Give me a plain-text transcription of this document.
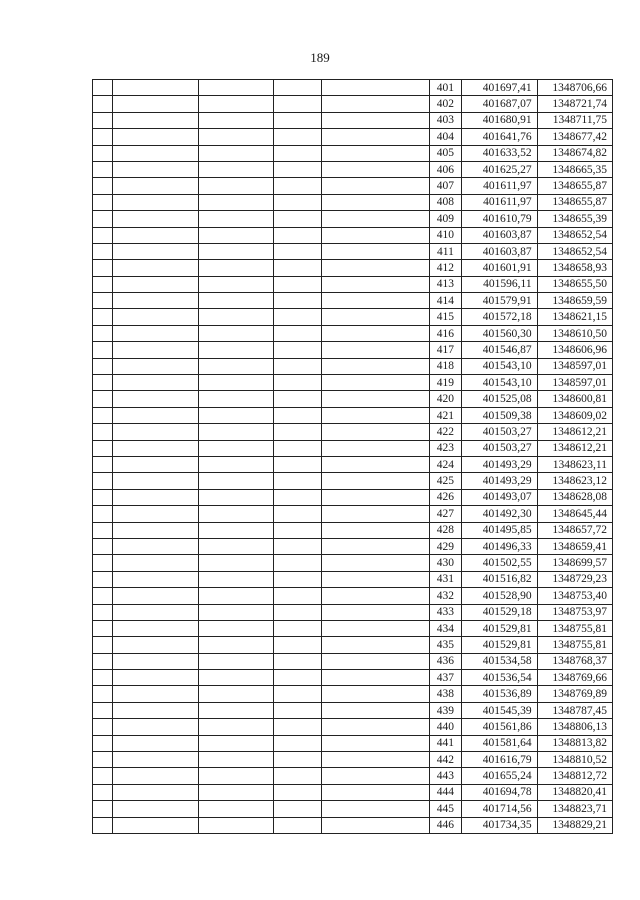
189
					401	401697,41	1348706,66
					402	401687,07	1348721,74
					403	401680,91	1348711,75
					404	401641,76	1348677,42
					405	401633,52	1348674,82
					406	401625,27	1348665,35
					407	401611,97	1348655,87
					408	401611,97	1348655,87
					409	401610,79	1348655,39
					410	401603,87	1348652,54
					411	401603,87	1348652,54
					412	401601,91	1348658,93
					413	401596,11	1348655,50
					414	401579,91	1348659,59
					415	401572,18	1348621,15
					416	401560,30	1348610,50
					417	401546,87	1348606,96
					418	401543,10	1348597,01
					419	401543,10	1348597,01
					420	401525,08	1348600,81
					421	401509,38	1348609,02
					422	401503,27	1348612,21
					423	401503,27	1348612,21
					424	401493,29	1348623,11
					425	401493,29	1348623,12
					426	401493,07	1348628,08
					427	401492,30	1348645,44
					428	401495,85	1348657,72
					429	401496,33	1348659,41
					430	401502,55	1348699,57
					431	401516,82	1348729,23
					432	401528,90	1348753,40
					433	401529,18	1348753,97
					434	401529,81	1348755,81
					435	401529,81	1348755,81
					436	401534,58	1348768,37
					437	401536,54	1348769,66
					438	401536,89	1348769,89
					439	401545,39	1348787,45
					440	401561,86	1348806,13
					441	401581,64	1348813,82
					442	401616,79	1348810,52
					443	401655,24	1348812,72
					444	401694,78	1348820,41
					445	401714,56	1348823,71
					446	401734,35	1348829,21
